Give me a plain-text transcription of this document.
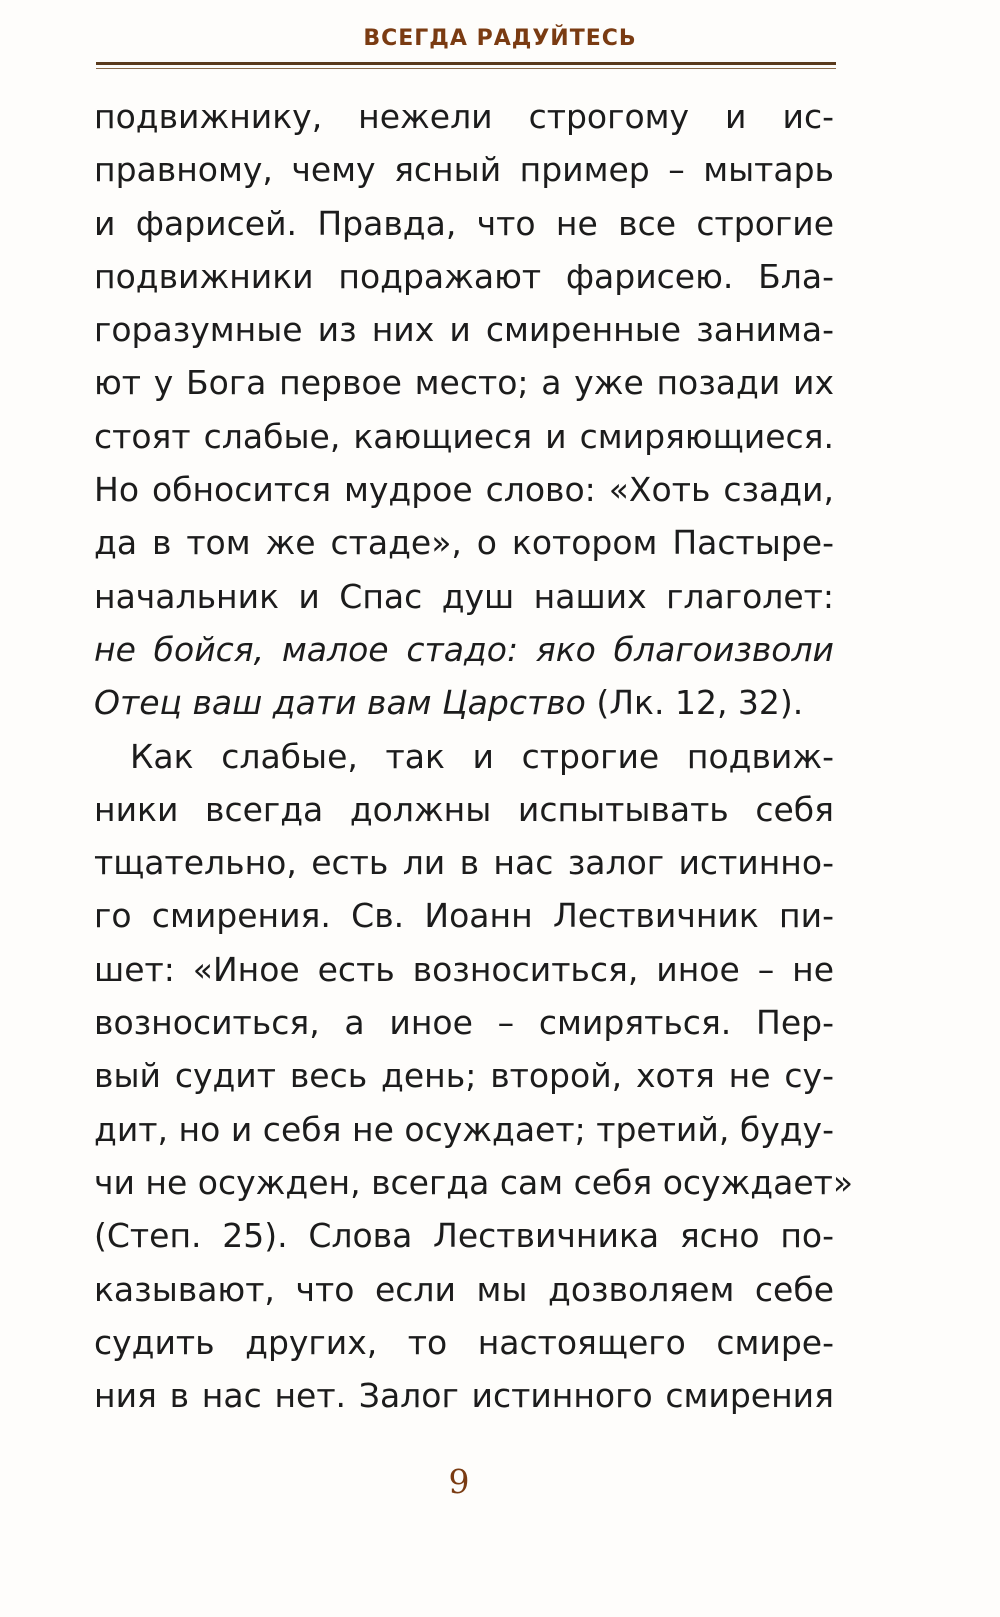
ВСЕГДА РАДУЙТЕСЬ
подвижнику, нежели строгому и ис-
правному, чему ясный пример – мытарь
и фарисей. Правда, что не все строгие
подвижники подражают фарисею. Бла-
горазумные из них и смиренные занима-
ют у Бога первое место; а уже позади их
стоят слабые, кающиеся и смиряющиеся.
Но обносится мудрое слово: «Хоть сзади,
да в том же стаде», о котором Пастыре-
начальник и Спас душ наших глаголет:
не бойся, малое стадо: яко благоизволи
Отец ваш дати вам Царство (Лк. 12, 32).
Как слабые, так и строгие подвиж-
ники всегда должны испытывать себя
тщательно, есть ли в нас залог истинно-
го смирения. Св. Иоанн Лествичник пи-
шет: «Иное есть возноситься, иное – не
возноситься, а иное – смиряться. Пер-
вый судит весь день; второй, хотя не су-
дит, но и себя не осуждает; третий, буду-
чи не осужден, всегда сам себя осуждает»
(Степ. 25). Слова Лествичника ясно по-
казывают, что если мы дозволяем себе
судить других, то настоящего смире-
ния в нас нет. Залог истинного смирения
9
